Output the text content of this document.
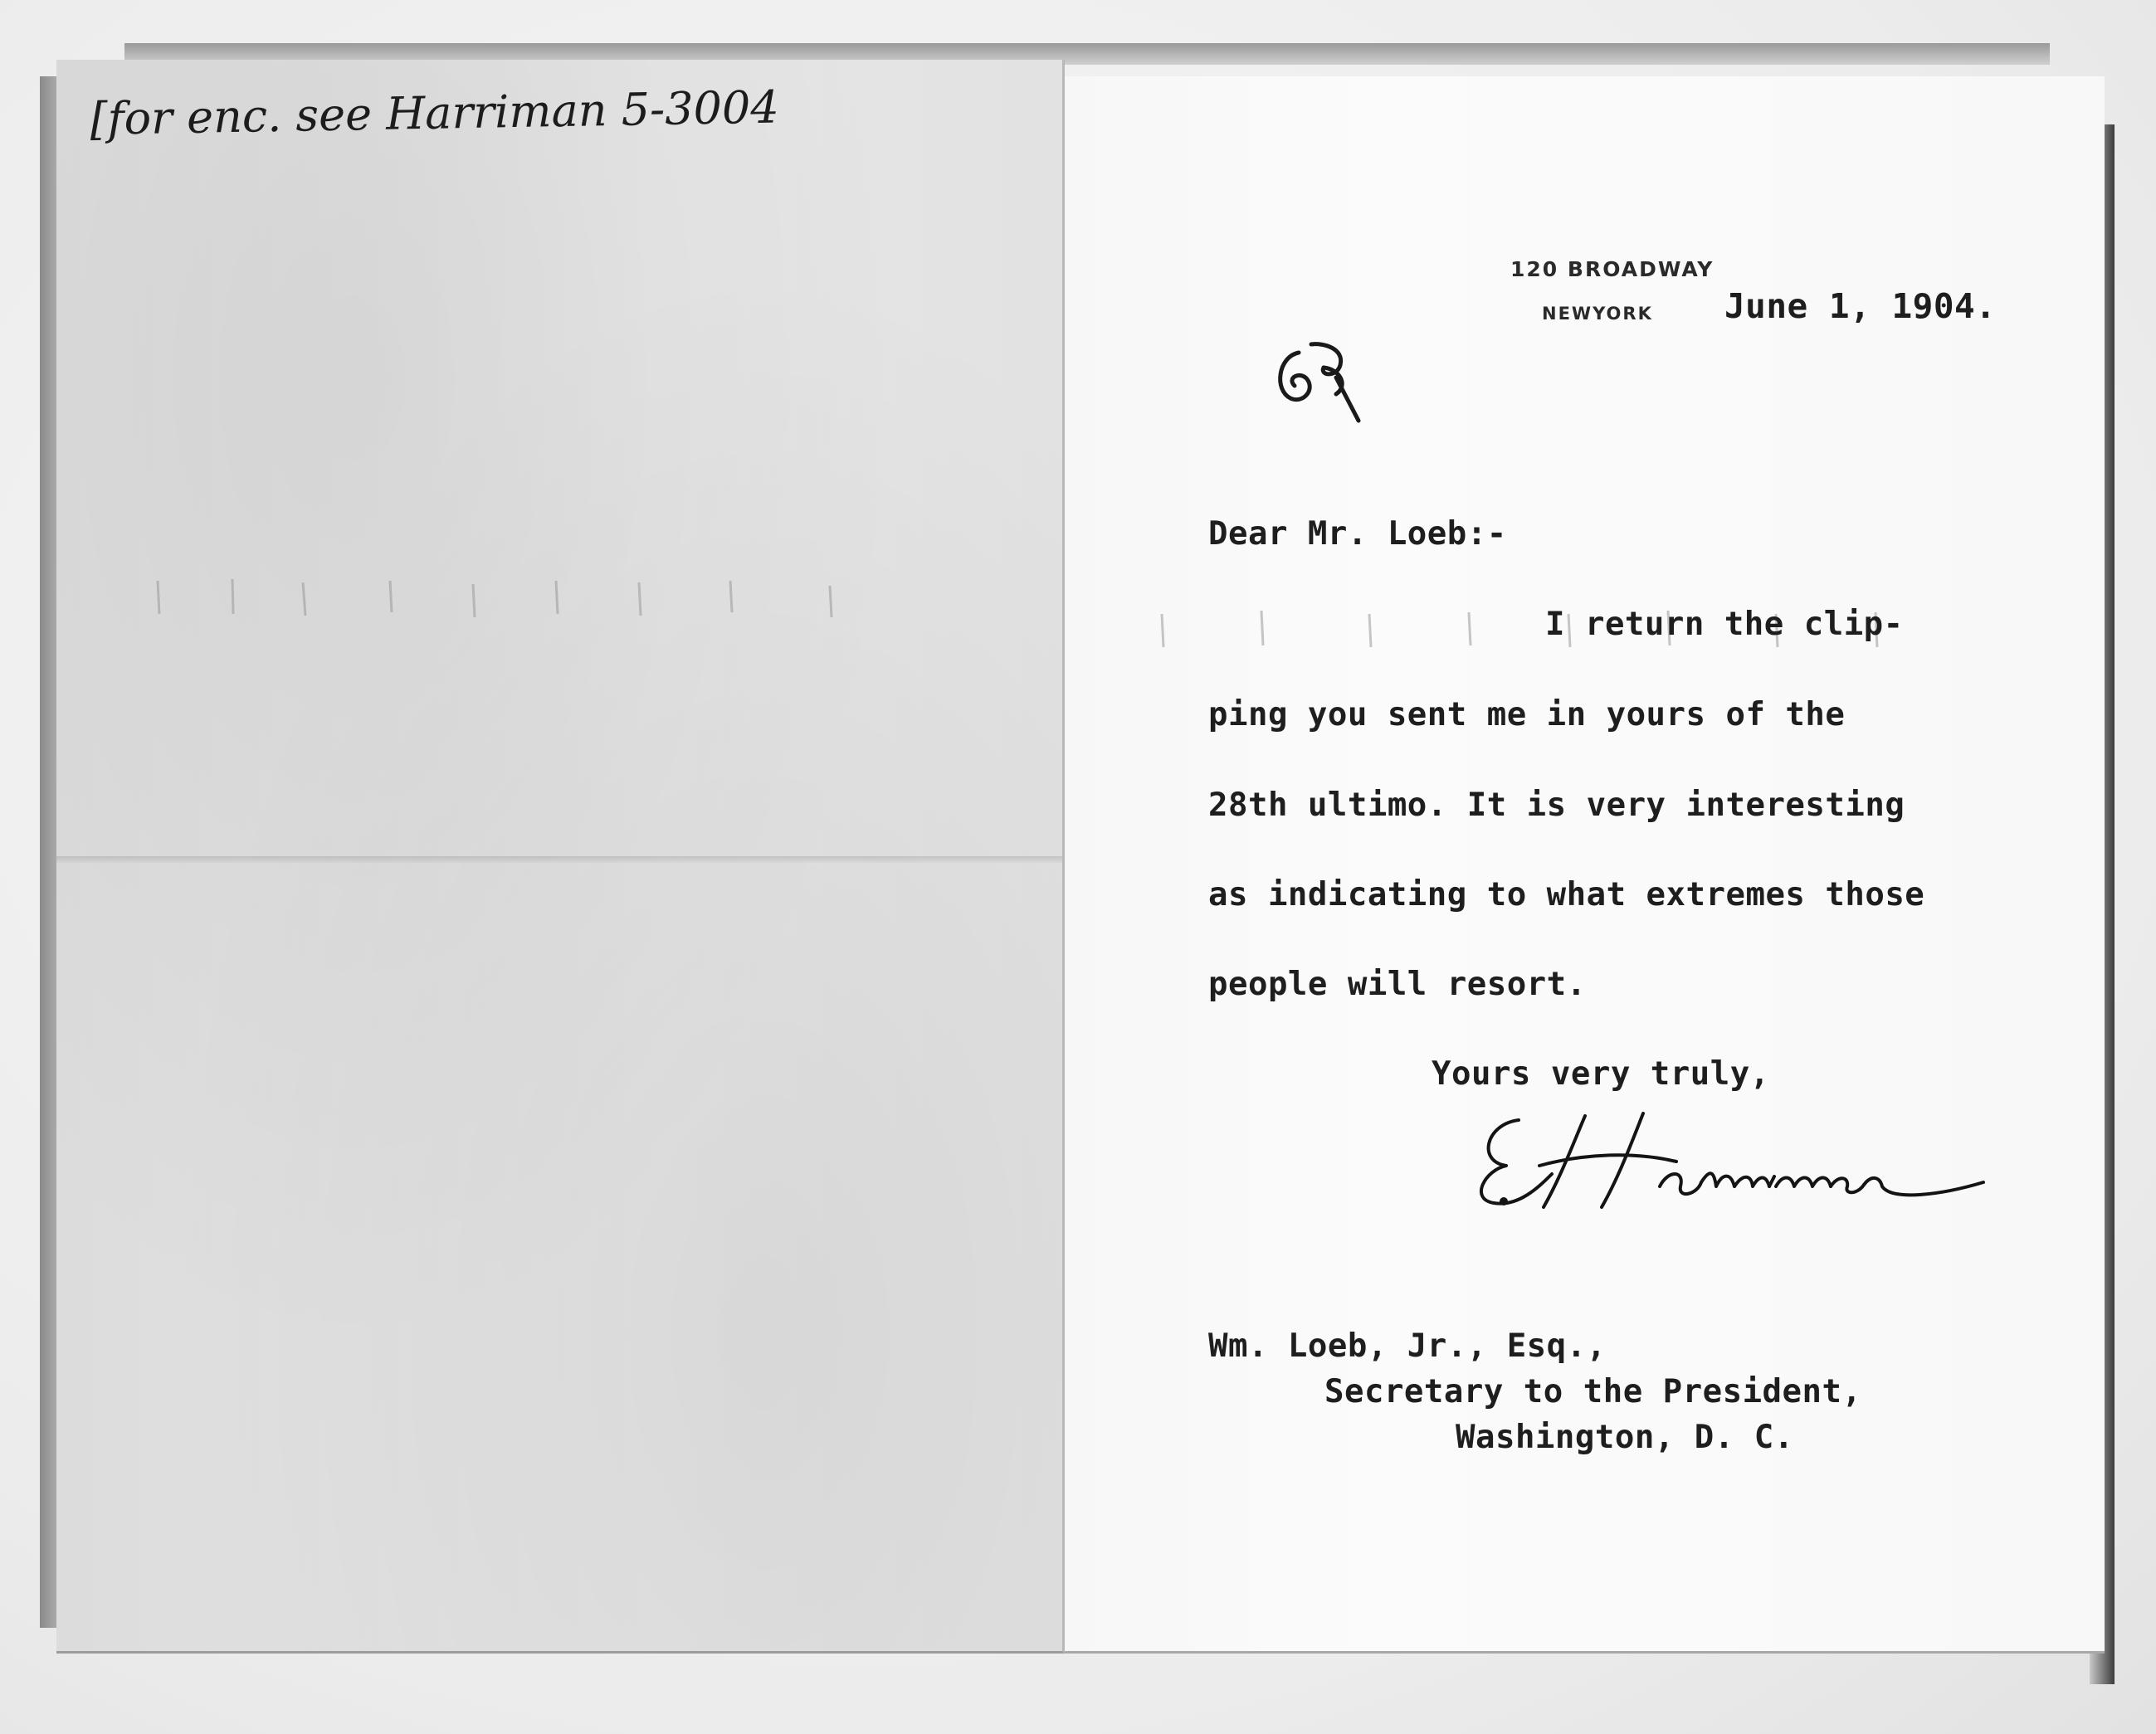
[for enc. see Harriman 5-3004
120 BROADWAY
NEWYORK June 1, 1904.
Dear Mr. Loeb:-
I return the clip-
ping you sent me in yours of the
28th ultimo. It is very interesting
as indicating to what extremes those
people will resort.
Yours very truly,
Wm. Loeb, Jr., Esq.,
Secretary to the President,
Washington, D. C.
